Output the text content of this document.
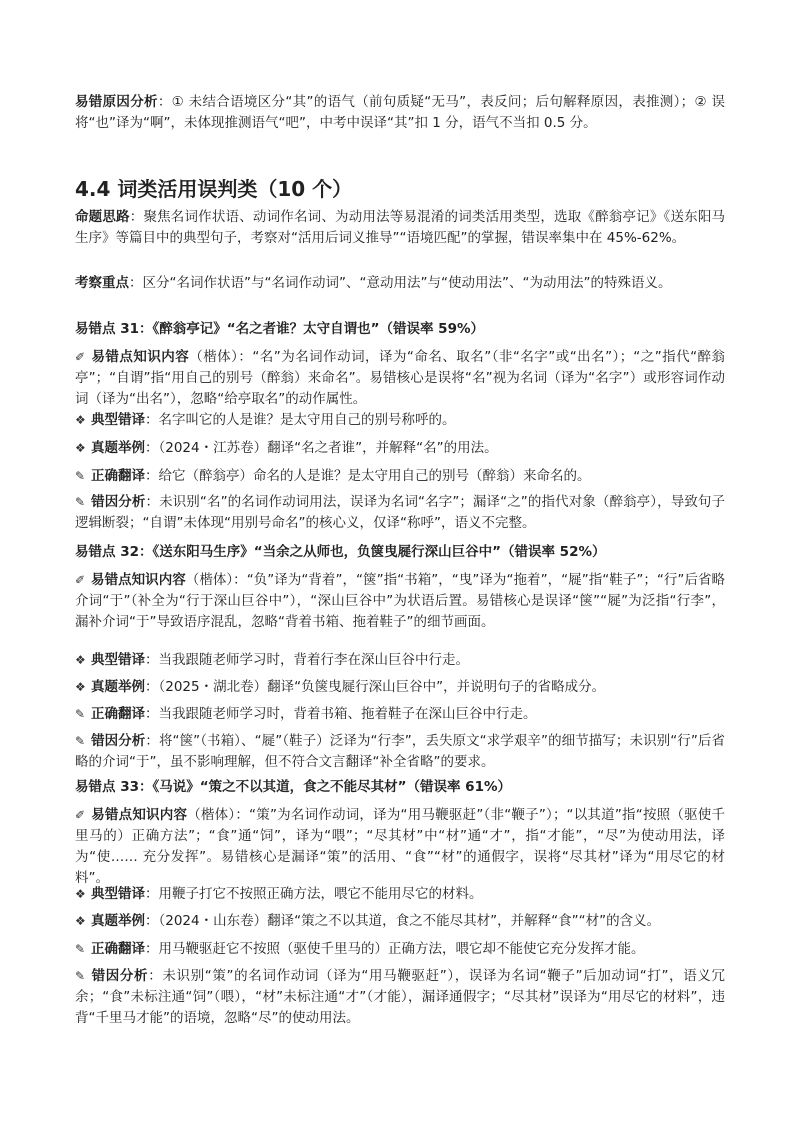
易错原因分析：① 未结合语境区分“其”的语气（前句质疑“无马”，表反问；后句解释原因，表推测）；② 误将“也”译为“啊”，未体现推测语气“吧”，中考中误译“其”扣 1 分，语气不当扣 0.5 分。

4.4 词类活用误判类（10 个）

命题思路：聚焦名词作状语、动词作名词、为动用法等易混淆的词类活用类型，选取《醉翁亭记》《送东阳马生序》等篇目中的典型句子，考察对“活用后词义推导”“语境匹配”的掌握，错误率集中在 45%-62%。

考察重点：区分“名词作状语”与“名词作动词”、“意动用法”与“使动用法”、“为动用法”的特殊语义。

易错点 31：《醉翁亭记》“名之者谁？太守自谓也”（错误率 59%）

✐ 易错点知识内容（楷体）：“名”为名词作动词，译为“命名、取名”（非“名字”或“出名”）；“之”指代“醉翁亭”；“自谓”指“用自己的别号（醉翁）来命名”。易错核心是误将“名”视为名词（译为“名字”）或形容词作动词（译为“出名”），忽略“给亭取名”的动作属性。

❖ 典型错译：名字叫它的人是谁？是太守用自己的别号称呼的。

❖ 真题举例：（2024・江苏卷）翻译“名之者谁”，并解释“名”的用法。

✎ 正确翻译：给它（醉翁亭）命名的人是谁？是太守用自己的别号（醉翁）来命名的。

✎ 错因分析：未识别“名”的名词作动词用法，误译为名词“名字”；漏译“之”的指代对象（醉翁亭），导致句子逻辑断裂；“自谓”未体现“用别号命名”的核心义，仅译“称呼”，语义不完整。

易错点 32：《送东阳马生序》“当余之从师也，负箧曳屣行深山巨谷中”（错误率 52%）

✐ 易错点知识内容（楷体）：“负”译为“背着”，“箧”指“书箱”，“曳”译为“拖着”，“屣”指“鞋子”；“行”后省略介词“于”（补全为“行于深山巨谷中”），“深山巨谷中”为状语后置。易错核心是误译“箧”“屣”为泛指“行李”，漏补介词“于”导致语序混乱，忽略“背着书箱、拖着鞋子”的细节画面。

❖ 典型错译：当我跟随老师学习时，背着行李在深山巨谷中行走。

❖ 真题举例：（2025・湖北卷）翻译“负箧曳屣行深山巨谷中”，并说明句子的省略成分。

✎ 正确翻译：当我跟随老师学习时，背着书箱、拖着鞋子在深山巨谷中行走。

✎ 错因分析：将“箧”（书箱）、“屣”（鞋子）泛译为“行李”，丢失原文“求学艰辛”的细节描写；未识别“行”后省略的介词“于”，虽不影响理解，但不符合文言翻译“补全省略”的要求。

易错点 33：《马说》“策之不以其道，食之不能尽其材”（错误率 61%）

✐ 易错点知识内容（楷体）：“策”为名词作动词，译为“用马鞭驱赶”（非“鞭子”）；“以其道”指“按照（驱使千里马的）正确方法”；“食”通“饲”，译为“喂”；“尽其材”中“材”通“才”，指“才能”，“尽”为使动用法，译为“使…… 充分发挥”。易错核心是漏译“策”的活用、“食”“材”的通假字，误将“尽其材”译为“用尽它的材料”。

❖ 典型错译：用鞭子打它不按照正确方法，喂它不能用尽它的材料。

❖ 真题举例：（2024・山东卷）翻译“策之不以其道，食之不能尽其材”，并解释“食”“材”的含义。

✎ 正确翻译：用马鞭驱赶它不按照（驱使千里马的）正确方法，喂它却不能使它充分发挥才能。

✎ 错因分析：未识别“策”的名词作动词（译为“用马鞭驱赶”），误译为名词“鞭子”后加动词“打”，语义冗余；“食”未标注通“饲”（喂），“材”未标注通“才”（才能），漏译通假字；“尽其材”误译为“用尽它的材料”，违背“千里马才能”的语境，忽略“尽”的使动用法。
